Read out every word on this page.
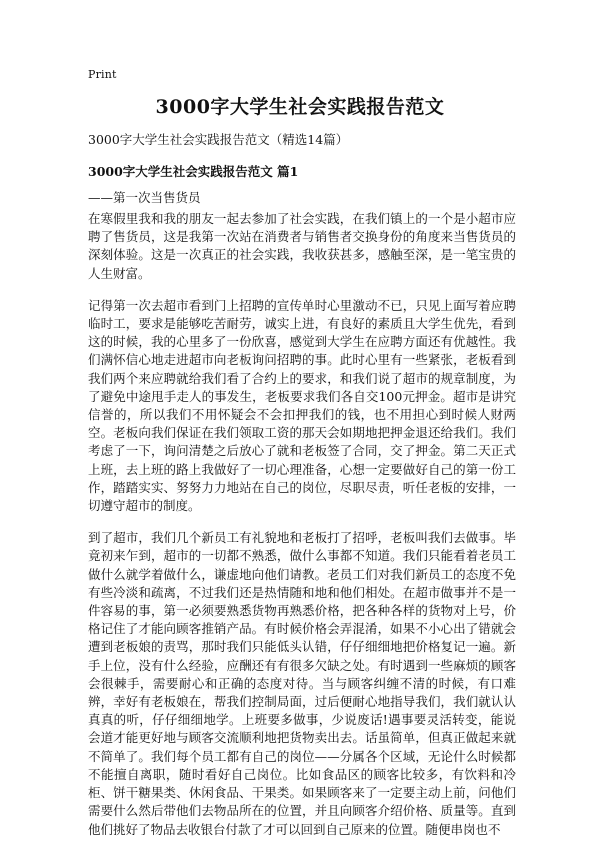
Print
3000字大学生社会实践报告范文
3000字大学生社会实践报告范文（精选14篇）
3000字大学生社会实践报告范文 篇1
——第一次当售货员

在寒假里我和我的朋友一起去参加了社会实践，在我们镇上的一个是小超市应聘了售货员，这是我第一次站在消费者与销售者交换身份的角度来当售货员的深刻体验。这是一次真正的社会实践，我收获甚多，感触至深，是一笔宝贵的人生财富。

记得第一次去超市看到门上招聘的宣传单时心里激动不已，只见上面写着应聘临时工，要求是能够吃苦耐劳，诚实上进，有良好的素质且大学生优先，看到这的时候，我的心里多了一份欣喜，感觉到大学生在应聘方面还有优越性。我们满怀信心地走进超市向老板询问招聘的事。此时心里有一些紧张，老板看到我们两个来应聘就给我们看了合约上的要求，和我们说了超市的规章制度，为了避免中途甩手走人的事发生，老板要求我们各自交100元押金。超市是讲究信誉的，所以我们不用怀疑会不会扣押我们的钱，也不用担心到时候人财两空。老板向我们保证在我们领取工资的那天会如期地把押金退还给我们。我们考虑了一下，询问清楚之后放心了就和老板签了合同，交了押金。第二天正式上班，去上班的路上我做好了一切心理准备，心想一定要做好自己的第一份工作，踏踏实实、努努力力地站在自己的岗位，尽职尽责，听任老板的安排，一切遵守超市的制度。

到了超市，我们几个新员工有礼貌地和老板打了招呼，老板叫我们去做事。毕竟初来乍到，超市的一切都不熟悉，做什么事都不知道。我们只能看着老员工做什么就学着做什么，谦虚地向他们请教。老员工们对我们新员工的态度不免有些冷淡和疏离，不过我们还是热情随和地和他们相处。在超市做事并不是一件容易的事，第一必须要熟悉货物再熟悉价格，把各种各样的货物对上号，价格记住了才能向顾客推销产品。有时候价格会弄混淆，如果不小心出了错就会遭到老板娘的责骂，那时我们只能低头认错，仔仔细细地把价格复记一遍。新手上位，没有什么经验，应酬还有有很多欠缺之处。有时遇到一些麻烦的顾客会很棘手，需要耐心和正确的态度对待。当与顾客纠缠不清的时候，有口难辨，幸好有老板娘在，帮我们控制局面，过后便耐心地指导我们，我们就认认真真的听，仔仔细细地学。上班要多做事，少说废话!遇事要灵活转变，能说会道才能更好地与顾客交流顺利地把货物卖出去。话虽简单，但真正做起来就不简单了。我们每个员工都有自己的岗位——分属各个区域，无论什么时候都不能擅自离职，随时看好自己岗位。比如食品区的顾客比较多，有饮料和冷柜、饼干糖果类、休闲食品、干果类。如果顾客来了一定要主动上前，问他们需要什么然后带他们去物品所在的位置，并且向顾客介绍价格、质量等。直到他们挑好了物品去收银台付款了才可以回到自己原来的位置。随便串岗也不
